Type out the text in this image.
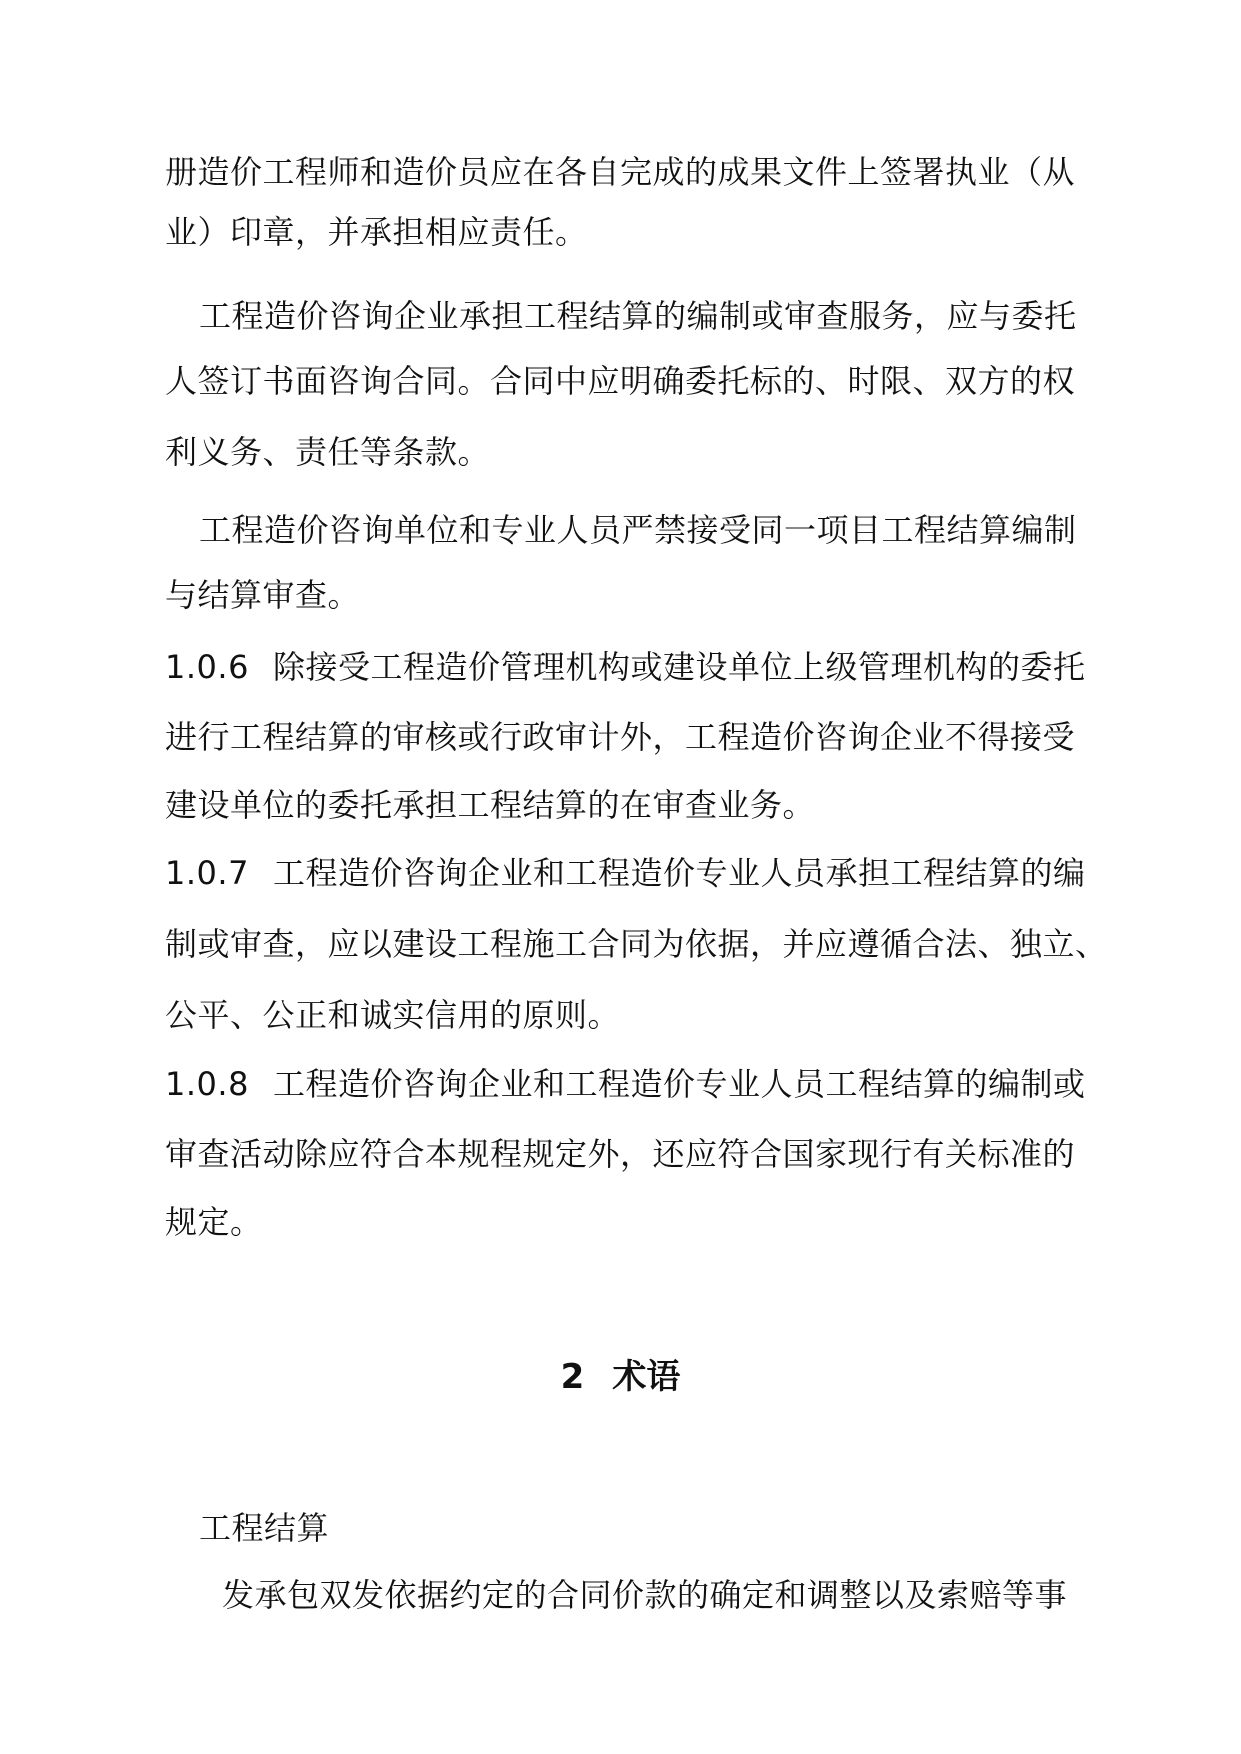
册造价工程师和造价员应在各自完成的成果文件上签署执业（从
业）印章，并承担相应责任。
工程造价咨询企业承担工程结算的编制或审查服务，应与委托
人签订书面咨询合同。合同中应明确委托标的、时限、双方的权
利义务、责任等条款。
工程造价咨询单位和专业人员严禁接受同一项目工程结算编制
与结算审查。
1.0.6 除接受工程造价管理机构或建设单位上级管理机构的委托
进行工程结算的审核或行政审计外，工程造价咨询企业不得接受
建设单位的委托承担工程结算的在审查业务。
1.0.7 工程造价咨询企业和工程造价专业人员承担工程结算的编
制或审查，应以建设工程施工合同为依据，并应遵循合法、独立、
公平、公正和诚实信用的原则。
1.0.8 工程造价咨询企业和工程造价专业人员工程结算的编制或
审查活动除应符合本规程规定外，还应符合国家现行有关标准的
规定。
2 术语
工程结算
发承包双发依据约定的合同价款的确定和调整以及索赔等事
